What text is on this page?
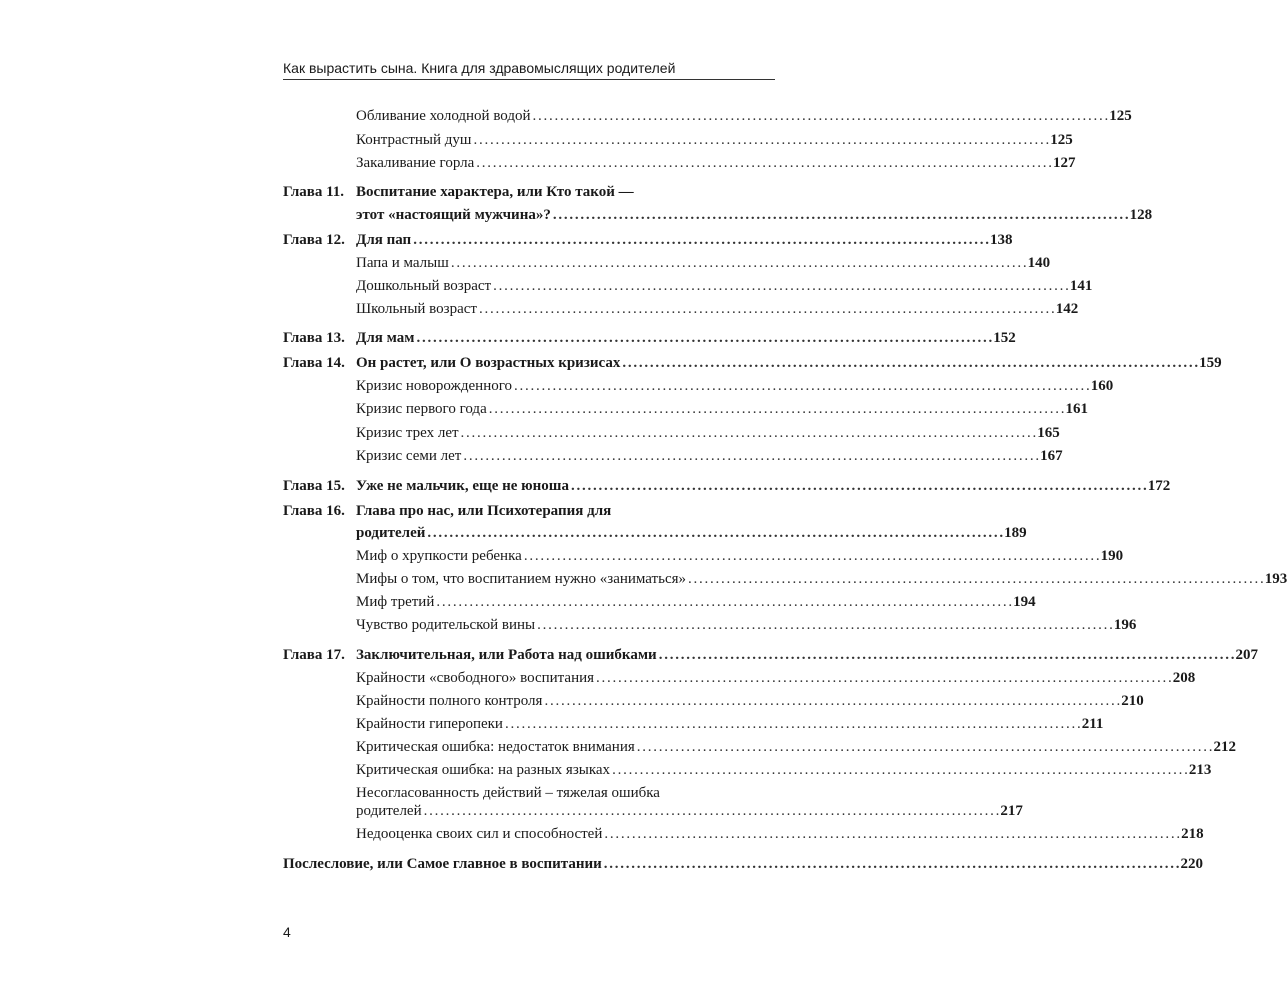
Как вырастить сына. Книга для здравомыслящих родителей
Обливание холодной водой . . .	125
Контрастный душ . . .	125
Закаливание горла . . .	127
Глава 11. Воспитание характера, или Кто такой —
этот «настоящий мужчина»? . . .	128
Глава 12. Для пап . . .	138
Папа и малыш . . .	140
Дошкольный возраст . . .	141
Школьный возраст . . .	142
Глава 13. Для мам . . .	152
Глава 14. Он растет, или О возрастных кризисах . . .	159
Кризис новорожденного . . .	160
Кризис первого года . . .	161
Кризис трех лет . . .	165
Кризис семи лет . . .	167
Глава 15. Уже не мальчик, еще не юноша . . .	172
Глава 16. Глава про нас, или Психотерапия для
родителей . . .	189
Миф о хрупкости ребенка . . .	190
Мифы о том, что воспитанием нужно «заниматься» . . .	193
Миф третий . . .	194
Чувство родительской вины . . .	196
Глава 17. Заключительная, или Работа над ошибками . . .	207
Крайности «свободного» воспитания . . .	208
Крайности полного контроля . . .	210
Крайности гиперопеки . . .	211
Критическая ошибка: недостаток внимания . . .	212
Критическая ошибка: на разных языках . . .	213
Несогласованность действий – тяжелая ошибка
родителей . . .	217
Недооценка своих сил и способностей . . .	218
Послесловие, или Самое главное в воспитании . . .	220
4
